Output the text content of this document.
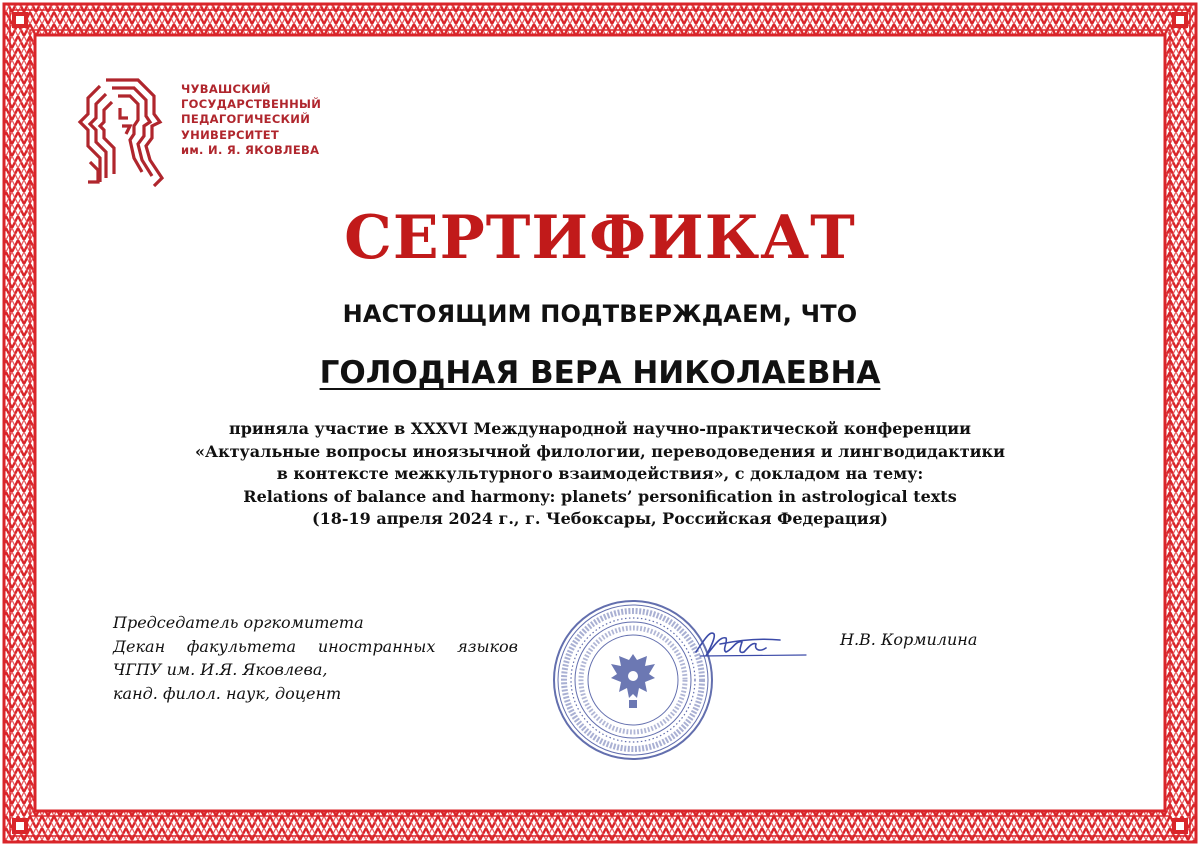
ЧУВАШСКИЙ
ГОСУДАРСТВЕННЫЙ
ПЕДАГОГИЧЕСКИЙ
УНИВЕРСИТЕТ
им. И. Я. ЯКОВЛЕВА
СЕРТИФИКАТ
НАСТОЯЩИМ ПОДТВЕРЖДАЕМ, ЧТО
ГОЛОДНАЯ ВЕРА НИКОЛАЕВНА
приняла участие в XXXVI Международной научно-практической конференции
«Актуальные вопросы иноязычной филологии, переводоведения и лингводидактики
в контексте межкультурного взаимодействия», с докладом на тему:
Relations of balance and harmony: planets’ personification in astrological texts
(18-19 апреля 2024 г., г. Чебоксары, Российская Федерация)
Председатель оргкомитета
Декан факультета иностранных языков
ЧГПУ им. И.Я. Яковлева,
канд. филол. наук, доцент
Н.В. Кормилина
